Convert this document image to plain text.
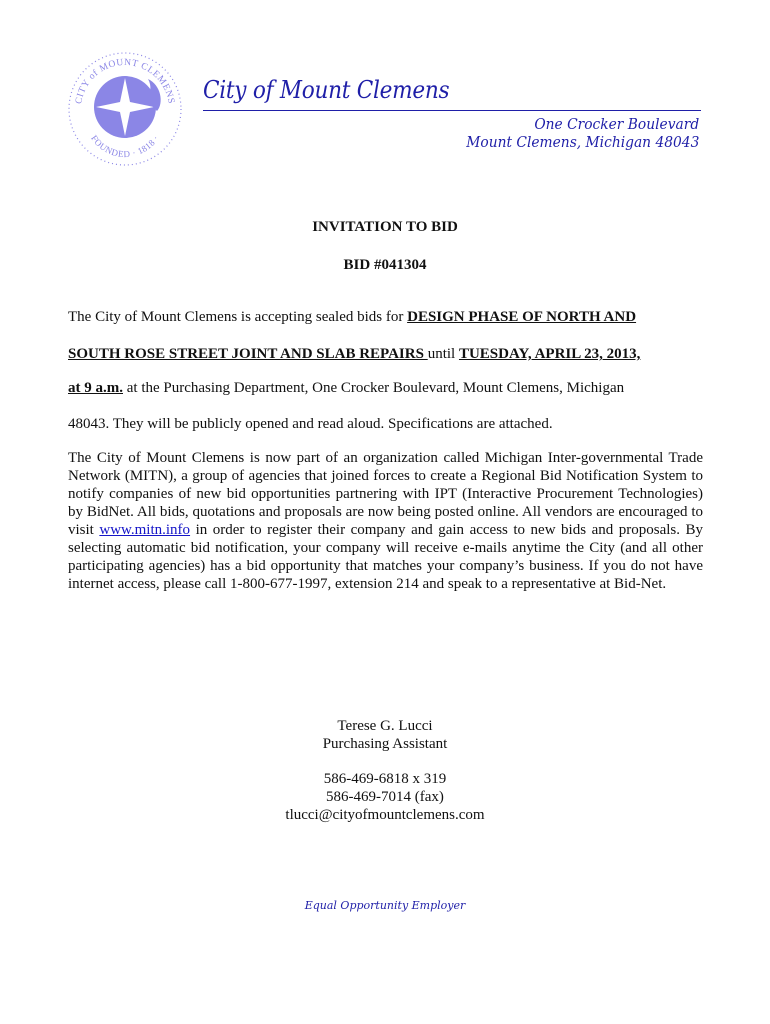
CITY of MOUNT CLEMENS
FOUNDED · 1818 ·
City of Mount Clemens
One Crocker Boulevard
Mount Clemens, Michigan 48043
INVITATION TO BID
BID #041304
The City of Mount Clemens is accepting sealed bids for DESIGN PHASE OF NORTH AND
SOUTH ROSE STREET JOINT AND SLAB REPAIRS until TUESDAY, APRIL 23, 2013,
at 9 a.m. at the Purchasing Department, One Crocker Boulevard, Mount Clemens, Michigan
48043. They will be publicly opened and read aloud. Specifications are attached.
The City of Mount Clemens is now part of an organization called Michigan Inter-governmental Trade Network (MITN), a group of agencies that joined forces to create a Regional Bid Notification System to notify companies of new bid opportunities partnering with IPT (Interactive Procurement Technologies) by BidNet. All bids, quotations and proposals are now being posted online. All vendors are encouraged to visit www.mitn.info in order to register their company and gain access to new bids and proposals. By selecting automatic bid notification, your company will receive e-mails anytime the City (and all other participating agencies) has a bid opportunity that matches your company’s business. If you do not have internet access, please call 1-800-677-1997, extension 214 and speak to a representative at Bid-Net.
Terese G. Lucci
Purchasing Assistant
586-469-6818 x 319
586-469-7014 (fax)
tlucci@cityofmountclemens.com
Equal Opportunity Employer
